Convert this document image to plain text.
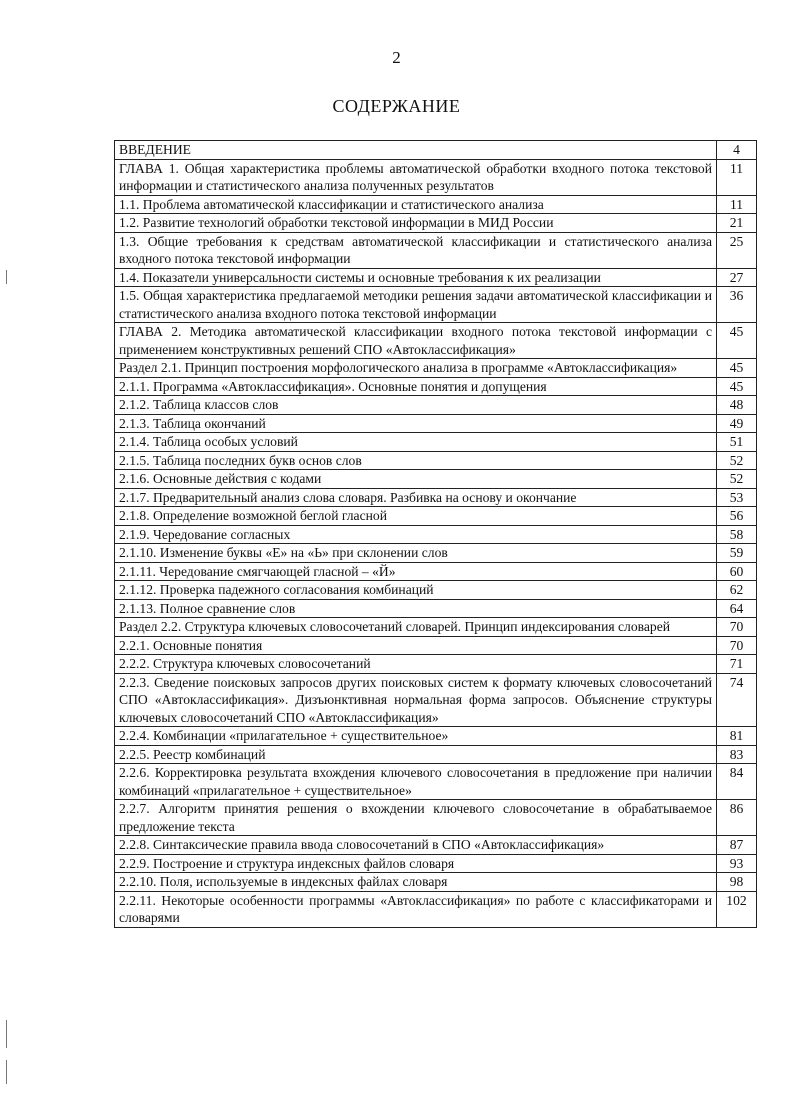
2
СОДЕРЖАНИЕ
ВВЕДЕНИЕ	4
ГЛАВА 1. Общая характеристика проблемы автоматической обработки входного потока текстовой информации и статистического анализа полученных результатов	11
1.1. Проблема автоматической классификации и статистического анализа	11
1.2. Развитие технологий обработки текстовой информации в МИД России	21
1.3. Общие требования к средствам автоматической классификации и статистического анализа входного потока текстовой информации	25
1.4. Показатели универсальности системы и основные требования к их реализации	27
1.5. Общая характеристика предлагаемой методики решения задачи автоматической классификации и статистического анализа входного потока текстовой информации	36
ГЛАВА 2. Методика автоматической классификации входного потока текстовой информации с применением конструктивных решений СПО «Автоклассификация»	45
Раздел 2.1. Принцип построения морфологического анализа в программе «Автоклассификация»	45
2.1.1. Программа «Автоклассификация». Основные понятия и допущения	45
2.1.2. Таблица классов слов	48
2.1.3. Таблица окончаний	49
2.1.4. Таблица особых условий	51
2.1.5. Таблица последних букв основ слов	52
2.1.6. Основные действия с кодами	52
2.1.7. Предварительный анализ слова словаря. Разбивка на основу и окончание	53
2.1.8. Определение возможной беглой гласной	56
2.1.9. Чередование согласных	58
2.1.10. Изменение буквы «Е» на «Ь» при склонении слов	59
2.1.11. Чередование смягчающей гласной – «Й»	60
2.1.12. Проверка падежного согласования комбинаций	62
2.1.13. Полное сравнение слов	64
Раздел 2.2. Структура ключевых словосочетаний словарей. Принцип индексирования словарей	70
2.2.1. Основные понятия	70
2.2.2. Структура ключевых словосочетаний	71
2.2.3. Сведение поисковых запросов других поисковых систем к формату ключевых словосочетаний СПО «Автоклассификация». Дизъюнктивная нормальная форма запросов. Объяснение структуры ключевых словосочетаний СПО «Автоклассификация»	74
2.2.4. Комбинации «прилагательное + существительное»	81
2.2.5. Реестр комбинаций	83
2.2.6. Корректировка результата вхождения ключевого словосочетания в предложение при наличии комбинаций «прилагательное + существительное»	84
2.2.7. Алгоритм принятия решения о вхождении ключевого словосочетание в обрабатываемое предложение текста	86
2.2.8. Синтаксические правила ввода словосочетаний в СПО «Автоклассификация»	87
2.2.9. Построение и структура индексных файлов словаря	93
2.2.10. Поля, используемые в индексных файлах словаря	98
2.2.11. Некоторые особенности программы «Автоклассификация» по работе с классификаторами и словарями	102
